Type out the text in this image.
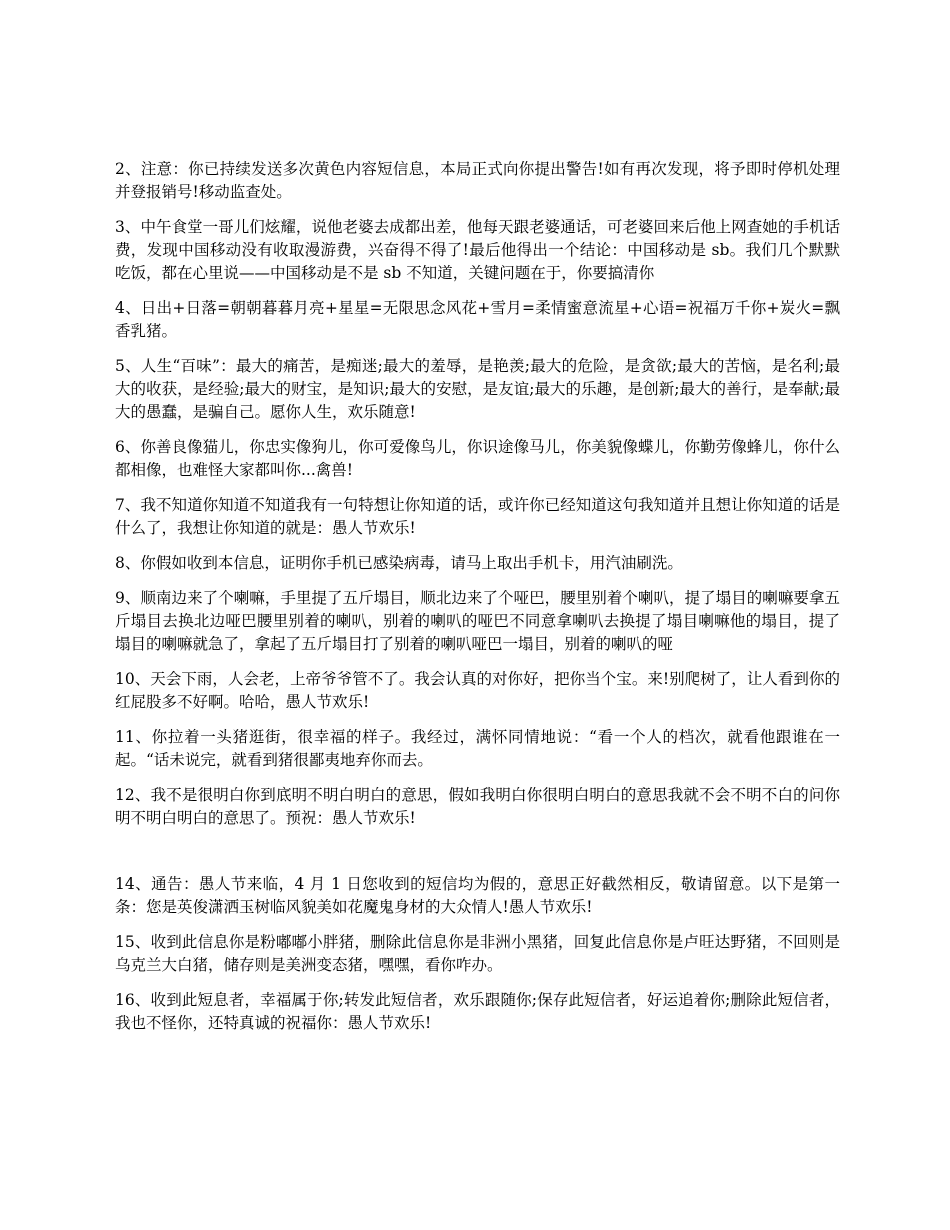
2、注意：你已持续发送多次黄色内容短信息，本局正式向你提出警告!如有再次发现，将予即时停机处理并登报销号!移动监查处。

3、中午食堂一哥儿们炫耀，说他老婆去成都出差，他每天跟老婆通话，可老婆回来后他上网查她的手机话费，发现中国移动没有收取漫游费，兴奋得不得了!最后他得出一个结论：中国移动是 sb。我们几个默默吃饭，都在心里说——中国移动是不是 sb 不知道，关键问题在于，你要搞清你

4、日出+日落=朝朝暮暮月亮+星星=无限思念风花+雪月=柔情蜜意流星+心语=祝福万千你+炭火=飘香乳猪。

5、人生“百味”：最大的痛苦，是痴迷;最大的羞辱，是艳羡;最大的危险，是贪欲;最大的苦恼，是名利;最大的收获，是经验;最大的财宝，是知识;最大的安慰，是友谊;最大的乐趣，是创新;最大的善行，是奉献;最大的愚蠢，是骗自己。愿你人生，欢乐随意!

6、你善良像猫儿，你忠实像狗儿，你可爱像鸟儿，你识途像马儿，你美貌像蝶儿，你勤劳像蜂儿，你什么都相像，也难怪大家都叫你...禽兽!

7、我不知道你知道不知道我有一句特想让你知道的话，或许你已经知道这句我知道并且想让你知道的话是什么了，我想让你知道的就是：愚人节欢乐!

8、你假如收到本信息，证明你手机已感染病毒，请马上取出手机卡，用汽油刷洗。

9、顺南边来了个喇嘛，手里提了五斤塌目，顺北边来了个哑巴，腰里别着个喇叭，提了塌目的喇嘛要拿五斤塌目去换北边哑巴腰里别着的喇叭，别着的喇叭的哑巴不同意拿喇叭去换提了塌目喇嘛他的塌目，提了塌目的喇嘛就急了，拿起了五斤塌目打了别着的喇叭哑巴一塌目，别着的喇叭的哑

10、天会下雨，人会老，上帝爷爷管不了。我会认真的对你好，把你当个宝。来!别爬树了，让人看到你的红屁股多不好啊。哈哈，愚人节欢乐!

11、你拉着一头猪逛街，很幸福的样子。我经过，满怀同情地说：“看一个人的档次，就看他跟谁在一起。“话未说完，就看到猪很鄙夷地弃你而去。

12、我不是很明白你到底明不明白明白的意思，假如我明白你很明白明白的意思我就不会不明不白的问你明不明白明白的意思了。预祝：愚人节欢乐!

14、通告：愚人节来临，4 月 1 日您收到的短信均为假的，意思正好截然相反，敬请留意。以下是第一条：您是英俊潇洒玉树临风貌美如花魔鬼身材的大众情人!愚人节欢乐!

15、收到此信息你是粉嘟嘟小胖猪，删除此信息你是非洲小黑猪，回复此信息你是卢旺达野猪，不回则是乌克兰大白猪，储存则是美洲变态猪，嘿嘿，看你咋办。

16、收到此短息者，幸福属于你;转发此短信者，欢乐跟随你;保存此短信者，好运追着你;删除此短信者，我也不怪你，还特真诚的祝福你：愚人节欢乐!
